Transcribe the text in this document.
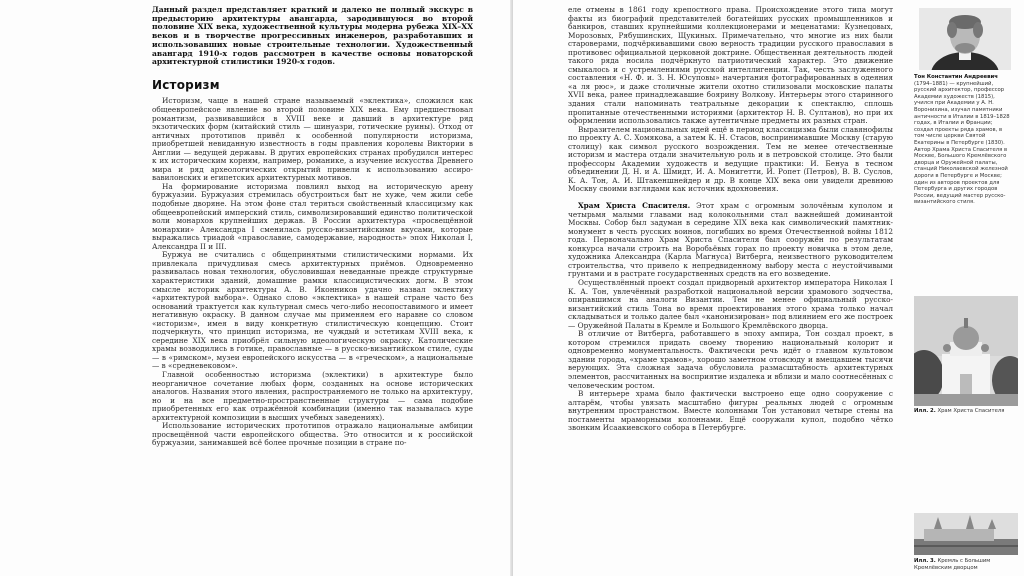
Данный раздел представляет краткий и далеко не полный экскурс в предысторию архитектуры авангарда, зародившуюся во второй половине XIX века, художественной культуры модерна рубежа XIX–XX веков и в творчестве прогрессивных инженеров, разработавших и использовавших новые строительные технологии. Художественный авангард 1910-х годов рассмотрен в качестве основы новаторской архитектурной стилистики 1920-х годов.

Историзм

Историзм, чаще в нашей стране называемый «эклектика», сложился как общеевропейское явление во второй половине XIX века. Ему предшествовал романтизм, развивавшийся в XVIII веке и давший в архитектуре ряд экзотических форм (китайский стиль — шинуазри, готические руины). Отход от античных прототипов привёл к особенной популярности историзма, приобретшей невиданную известность в годы правления королевы Виктории в Англии — ведущей державы. В других европейских странах пробудился интерес к их историческим корням, например, романике, а изучение искусства Древнего мира и ряд археологических открытий привели к использованию ассиро-вавилонских и египетских архитектурных мотивов.

На формирование историзма повлиял выход на историческую арену буржуазии. Буржуазия стремилась обустроиться быт не хуже, чем жили себе подобные дворяне. На этом фоне стал теряться свойственный классицизму как общеевропейский имперский стиль, символизировавший единство политической воли монархов крупнейших держав. В России архитектура «просвещённой монархии» Александра I сменилась русско-византийскими вкусами, которые выражались триадой «православие, самодержавие, народность» эпох Николая I, Александра II и III.

Буржуа не считались с общепринятыми стилистическими нормами. Их привлекала причудливая смесь архитектурных приёмов. Одновременно развивалась новая технология, обусловившая неведанные прежде структурные характеристики зданий, домашние рамки классицистических догм. В этом смысле историк архитектуры А. В. Иконников удачно назвал эклектику «архитектурой выбора». Однако слово «эклектика» в нашей стране часто без оснований трактуется как культурная смесь чего-либо несопоставимого и имеет негативную окраску. В данном случае мы применяем его наравне со словом «историзм», имея в виду конкретную стилистическую концепцию. Стоит подчеркнуть, что принцип историзма, не чуждый и эстетикам XVIII века, к середине XIX века приобрёл сильную идеологическую окраску. Католические храмы возводились в готике, православные — в русско-византийском стиле, суды — в «римском», музеи европейского искусства — в «греческом», а национальные — в «средневековом».

Главной особенностью историзма (эклектики) в архитектуре было неорганичное сочетание любых форм, созданных на основе исторических аналогов. Названия этого явления, распространяемого не только на архитектуру, но и на все предметно-пространственные структуры — сама подобие приобретенных его как отражённой комбинации (именно так называлась куре архитектурной композиции в высших учебных заведениях).

Использование исторических прототипов отражало национальные амбиции просвещённой части европейского общества. Это относится и к российской буржуазии, занимавшей всё более прочные позиции в стране по-

еле отмены в 1861 году крепостного права. Происхождение этого типа могут факты из биографий представителей богатейших русских промышленников и банкиров, ставших крупнейшими коллекционерами и меценатами: Кузнецовых, Морозовых, Рябушинских, Щукиных. Примечательно, что многие из них были староверами, подчёркивавшими свою верность традиции русского православия в противовес официальной церковной доктрине. Общественная деятельность людей такого ряда носила подчёркнуто патриотический характер. Это движение смыкалось и с устремлениями русской интеллигенции. Так, честь заслуженного составления «Н. Ф. и. З. Н. Юсуповы» начертания фотографированных в одеяния «а ля рюс», и даже столичные жители охотно стилизовали московские палаты XVII века, ранее принадлежавшие боярину Волкову. Интерьеры этого старинного здания стали напоминать театральные декорации к спектаклю, сплошь пропитанные отечественными историями (архитектор Н. В. Султанов), но при их оформлении использовались также аутентичные предметы их разных стран.

Выразителем национальных идей ещё в период классицизма были славянофилы по проекту А. С. Хомякова, а затем К. Н. Стасов, воспринимавшие Москву (старую столицу) как символ русского возрождения. Тем не менее отечественные историзм и мастера отдали значительную роль и в петровской столице. Это были профессоры Академии художеств и ведущие практики: И. Бенуа в тесном объединении Д. Н. и А. Шмидт, И. А. Монигетти, И. Ропет (Петров), В. В. Суслов, К. А. Тон, А. И. Штакеншнейдер и др. В конце XIX века они увидели древнюю Москву своими взглядами как источник вдохновения.

Храм Христа Спасителя. Этот храм с огромным золочёным куполом и четырьмя малыми главами над колокольнями стал важнейшей доминантой Москвы. Собор был задуман в середине XIX века как символический памятник-монумент в честь русских воинов, погибших во время Отечественной войны 1812 года. Первоначально Храм Христа Спасителя был сооружён по результатам конкурса начали строить на Воробьёвых горах по проекту новичка в этом деле, художника Александра (Карла Магнуса) Витберга, неизвестного руководителем строительства, что привело к непредвиденному выбору места с неустойчивыми грунтами и в растрате государственных средств на его возведение.

Осуществлённый проект создал придворный архитектор императора Николая I К. А. Тон, увлечённый разработкой национальной версии храмового зодчества, опиравшимся на аналоги Византии. Тем не менее официальный русско-византийский стиль Тона во время проектирования этого храма только начал складываться и только далее был «канонизирован» под влиянием его же построек — Оружейной Палаты в Кремле и Большого Кремлёвского дворца.

В отличие от Витберга, работавшего в эпоху ампира, Тон создал проект, в котором стремился придать своему творению национальный колорит и одновременно монументальность. Фактически речь идёт о главном культовом здании города, «храме храмов», хорошо заметном отовсюду и вмещавшем тысячи верующих. Эта сложная задача обусловила размасштабность архитектурных элементов, рассчитанных на восприятие издалека и вблизи и мало соотнесённых с человеческим ростом.

В интерьере храма было фактически выстроено еще одно сооружение с алтарём, чтобы увязать масштабно фигуры реальных людей с огромным внутренним пространством. Вместе колоннами Тон установил четыре стены на постаменты мраморными колоннами. Ещё сооружали купол, подобно чётко звонким Исаакиевского собора в Петербурге.

Тон Константин Андреевич (1794–1881) — крупнейший, русский архитектор, профессор Академии художеств (1815), учился при Академии у А. Н. Воронихина, изучал памятники античности в Италии в 1819–1828 годах, в Италии и Франции; создал проекты ряда храмов, в том числе церкви Святой Екатерины в Петербурге (1830). Автор Храма Христа Спасителя в Москве, Большого Кремлёвского дворца и Оружейной палаты, станций Николаевской железной дороги в Петербурге и Москве; один из авторов проектов для Петербурга и других городов России, ведущий мастер русско-византийского стиля.
Илл. 2. Храм Христа Спасителя
Илл. 3. Кремль с Большим Кремлёвским дворцом
